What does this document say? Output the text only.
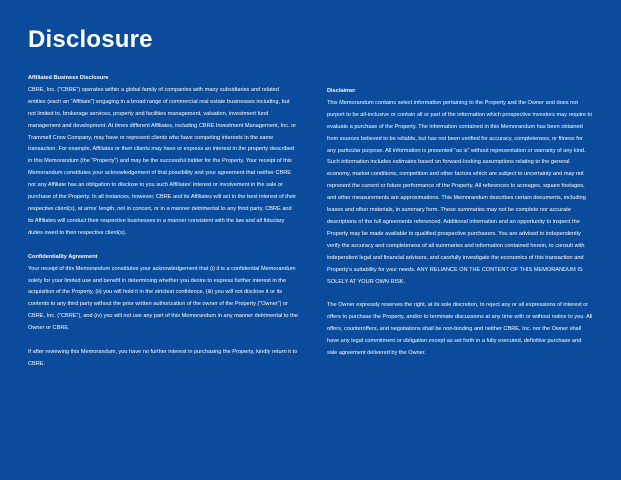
Disclosure

Affiliated Business Disclosure

CBRE, Inc. (“CBRE”) operates within a global family of companies with many subsidiaries and related entities (each an “Affiliate”) engaging in a broad range of commercial real estate businesses including, but not limited to, brokerage services, property and facilities management, valuation, investment fund management and development. At times different Affiliates, including CBRE Investment Management, Inc. or Trammell Crow Company, may have or represent clients who have competing interests in the same transaction. For example, Affiliates or their clients may have or express an interest in the property described in this Memorandum (the “Property”) and may be the successful bidder for the Property. Your receipt of this Memorandum constitutes your acknowledgement of that possibility and your agreement that neither CBRE nor any Affiliate has an obligation to disclose to you such Affiliates’ interest or involvement in the sale or purchase of the Property. In all instances, however, CBRE and its Affiliates will act in the best interest of their respective client(s), at arms’ length, not in concert, or in a manner detrimental to any third party. CBRE and its Affiliates will conduct their respective businesses in a manner consistent with the law and all fiduciary duties owed to their respective client(s).

Confidentiality Agreement

Your receipt of this Memorandum constitutes your acknowledgement that (i) it is a confidential Memorandum solely for your limited use and benefit in determining whether you desire to express further interest in the acquisition of the Property, (ii) you will hold it in the strictest confidence, (iii) you will not disclose it or its contents to any third party without the prior written authorization of the owner of the Property (“Owner”) or CBRE, Inc. (“CBRE”), and (iv) you will not use any part of this Memorandum in any manner detrimental to the Owner or CBRE.

If after reviewing this Memorandum, you have no further interest in purchasing the Property, kindly return it to CBRE.

Disclaimer

This Memorandum contains select information pertaining to the Property and the Owner and does not purport to be all-inclusive or contain all or part of the information which prospective investors may require to evaluate a purchase of the Property. The information contained in this Memorandum has been obtained from sources believed to be reliable, but has not been verified for accuracy, completeness, or fitness for any particular purpose. All information is presented “as is” without representation or warranty of any kind. Such information includes estimates based on forward-looking assumptions relating to the general economy, market conditions, competition and other factors which are subject to uncertainty and may not represent the current or future performance of the Property. All references to acreages, square footages, and other measurements are approximations. This Memorandum describes certain documents, including leases and other materials, in summary form. These summaries may not be complete nor accurate descriptions of the full agreements referenced. Additional information and an opportunity to inspect the Property may be made available to qualified prospective purchasers. You are advised to independently verify the accuracy and completeness of all summaries and information contained herein, to consult with independent legal and financial advisors, and carefully investigate the economics of this transaction and Property’s suitability for your needs. ANY RELIANCE ON THE CONTENT OF THIS MEMORANDUM IS SOLELY AT YOUR OWN RISK.

The Owner expressly reserves the right, at its sole discretion, to reject any or all expressions of interest or offers to purchase the Property, and/or to terminate discussions at any time with or without notice to you. All offers, counteroffers, and negotiations shall be non-binding and neither CBRE, Inc. nor the Owner shall have any legal commitment or obligation except as set forth in a fully executed, definitive purchase and sale agreement delivered by the Owner.
